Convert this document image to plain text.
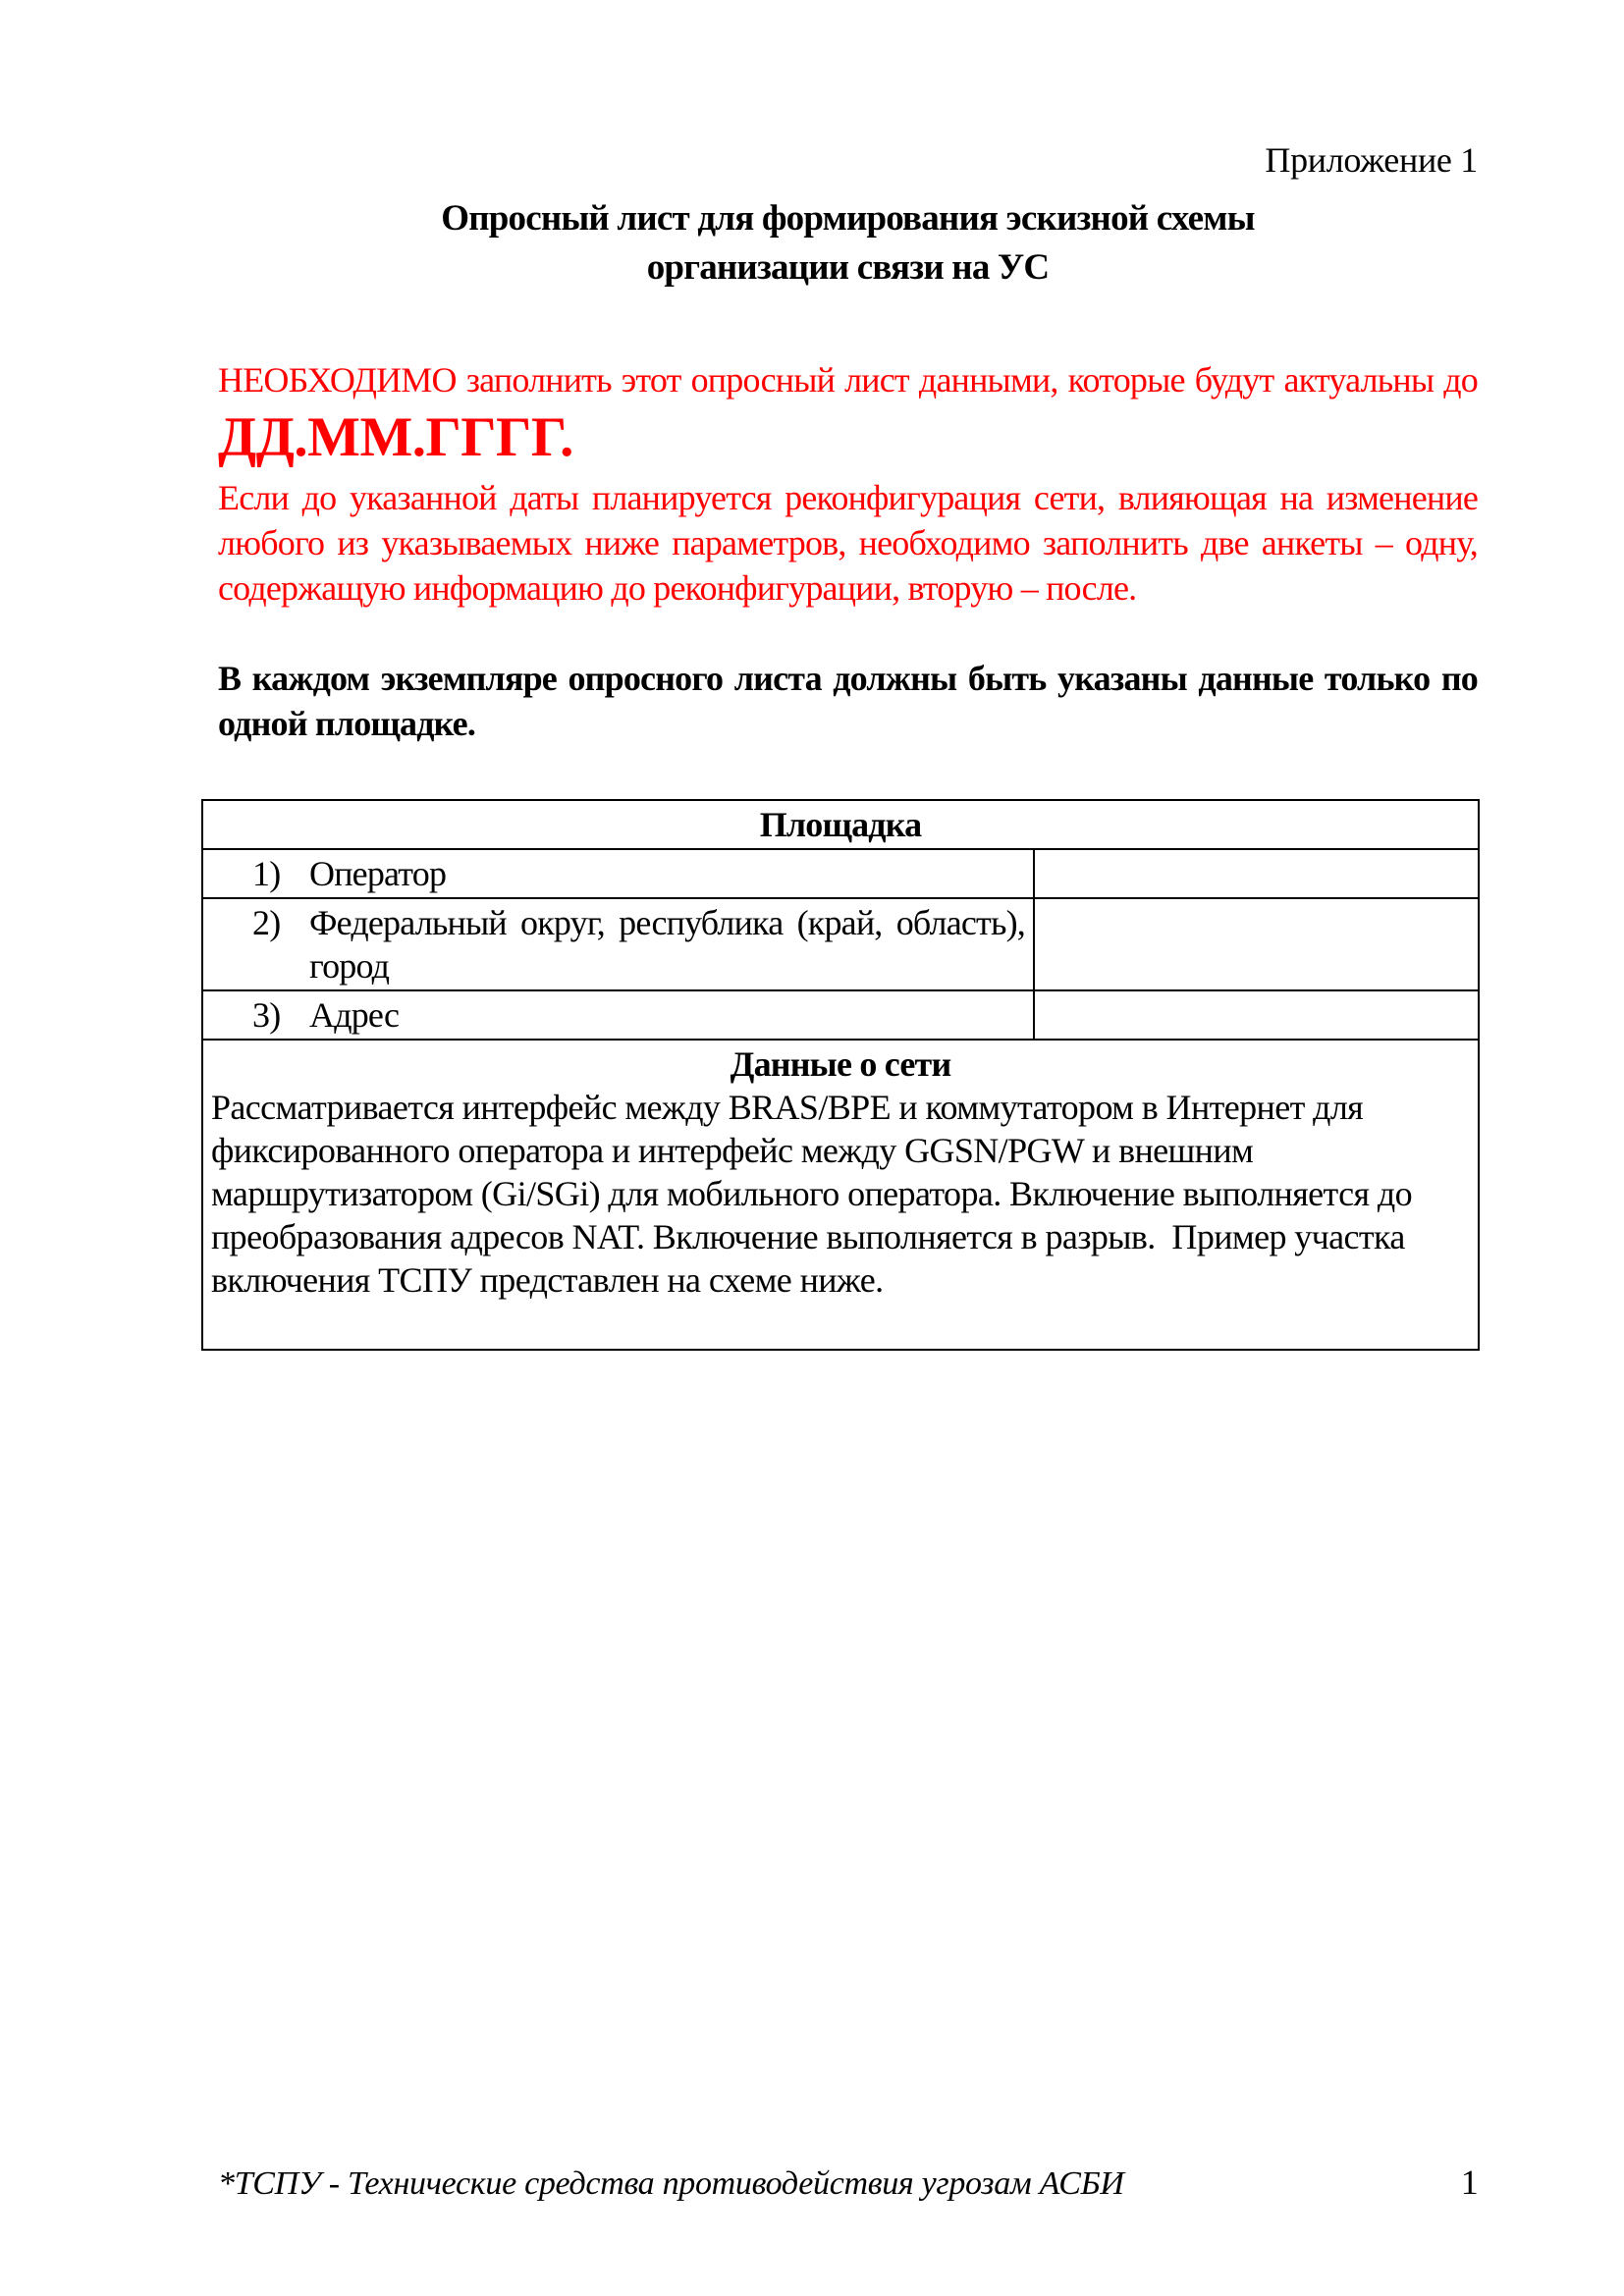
Приложение 1
Опросный лист для формирования эскизной схемы
организации связи на УС
НЕОБХОДИМО заполнить этот опросный лист данными, которые будут актуальны до
ДД.ММ.ГГГГ.
Если до указанной даты планируется реконфигурация сети, влияющая на изменение любого из указываемых ниже параметров, необходимо заполнить две анкеты – одну, содержащую информацию до реконфигурации, вторую – после.
В каждом экземпляре опросного листа должны быть указаны данные только по одной площадке.
Площадка	

1) Оператор	

2) Федеральный округ, республика (край, область), город	

3) Адрес	

Данные о сети
Рассматривается интерфейс между BRAS/BPE и коммутатором в Интернет для фиксированного оператора и интерфейс между GGSN/PGW и внешним маршрутизатором (Gi/SGi) для мобильного оператора. Включение выполняется до преобразования адресов NAT. Включение выполняется в разрыв.  Пример участка включения ТСПУ представлен на схеме ниже.	
*ТСПУ - Технические средства противодействия угрозам АСБИ	1
